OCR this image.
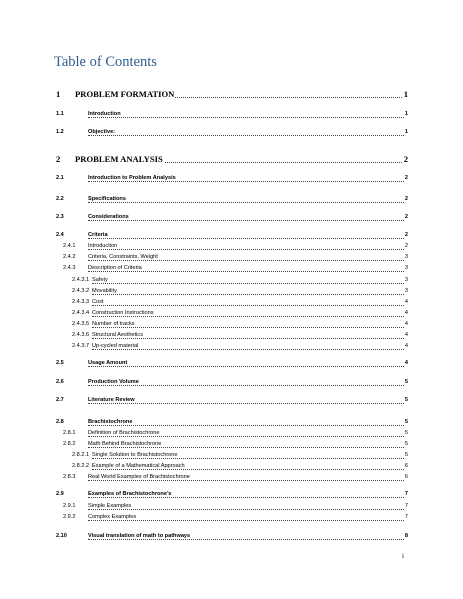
Table of Contents
1 PROBLEM FORMATION	1
1.1	Introduction	1
1.2	Objective:	1
2 PROBLEM ANALYSIS	2
2.1	Introduction to Problem Analysis	2
2.2	Specifications	2
2.3	Considerations	2
2.4	Criteria	2
2.4.1 Introduction	2
2.4.2 Criteria, Constraints, Weight	3
2.4.3 Description of Criteria	3
2.4.3.1 Safety	3
2.4.3.2 Movability	3
2.4.3.3 Cost	4
2.4.3.4 Construction Instructions	4
2.4.3.5 Number of tracks	4
2.4.3.6 Structural Aesthetics	4
2.4.3.7 Up-cycled material	4
2.5	Usage Amount	4
2.6	Production Volume	5
2.7	Literature Review	5
2.8	Brachistochrone	5
2.8.1 Definition of Brachistochrone	5
2.8.2 Math Behind Brachistochrone	5
2.8.2.1 Single Solution to Brachistochrone	5
2.8.2.2 Example of a Mathematical Approach	6
2.8.3 Real World Examples of Brachistochrone	6
2.9	Examples of Brachistochrone’s	7
2.9.1 Simple Examples	7
2.9.2 Complex Examples	7
2.10	Visual translation of math to pathways	8
i
